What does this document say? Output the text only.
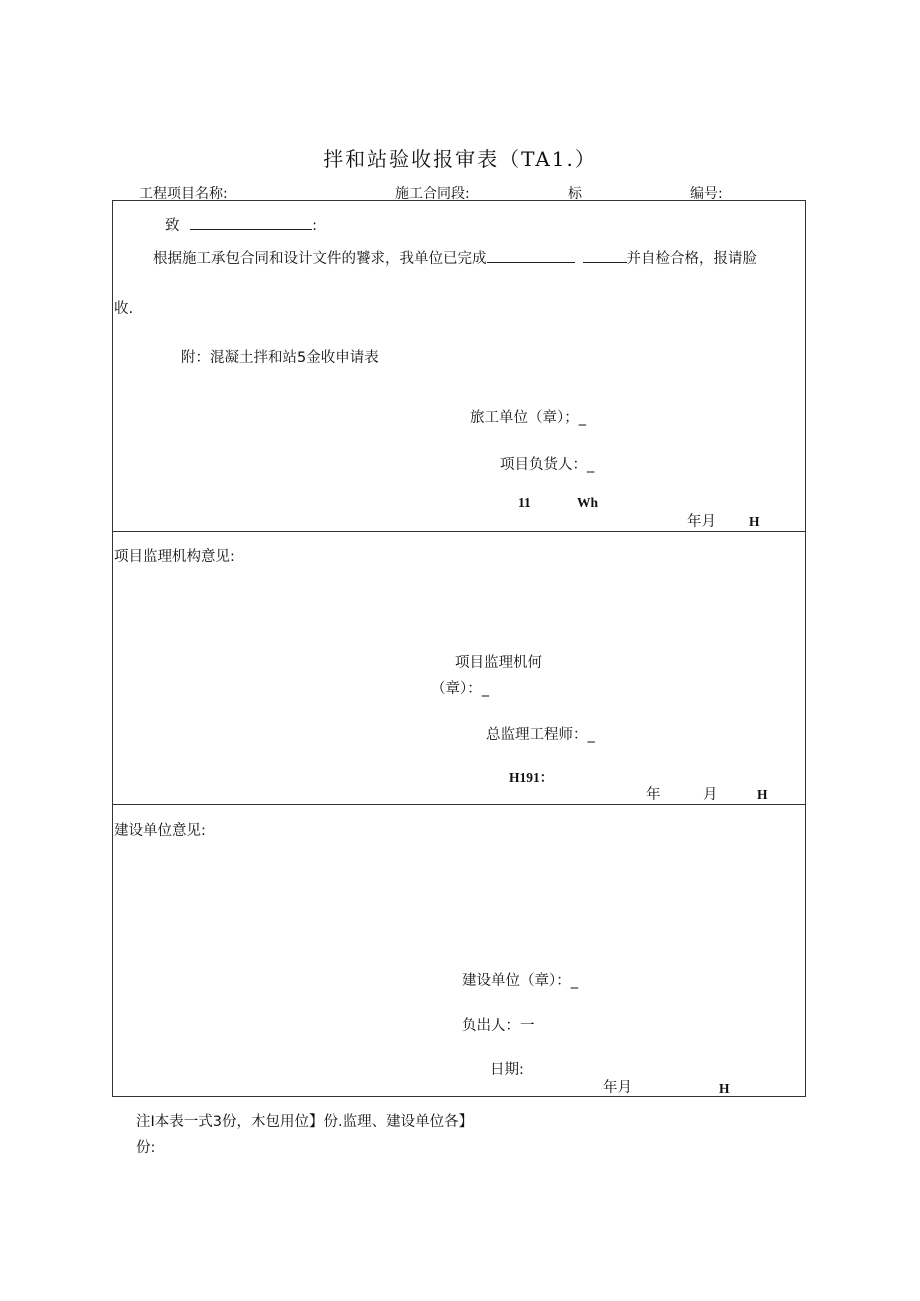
拌和站验收报审表（TA1.）
工程项目名称:	施工合同段:	标	编号:
致	:
根据施工承包合同和设计文件的饕求，我单位已完成	并自检合格，报请脸
收.
附：混凝土拌和站5金收申请表
旅工单位（章）；_
项目负货人：_
11	Wh
年月 H
项目监理机构意见:
项目监理机何
（章）：_
总监理工程师：_
H191：
年	月	H
建设单位意见:
建设单位（章）：_
负岀人：一
日期:
年月	H
注I本表一式3份，木包用位】份.监理、建设单位各】
份:
